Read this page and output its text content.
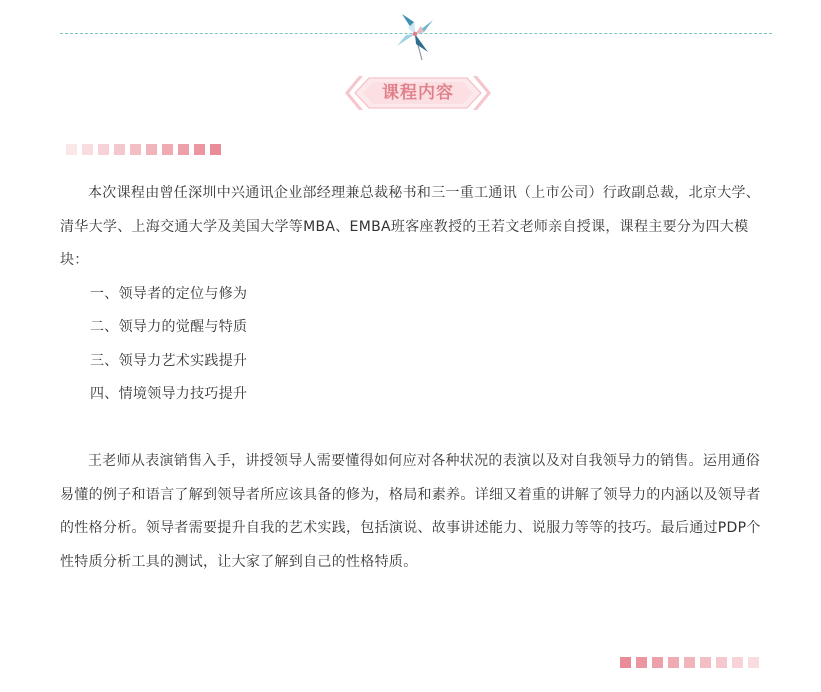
课程内容

本次课程由曾任深圳中兴通讯企业部经理兼总裁秘书和三一重工通讯（上市公司）行政副总裁，北京大学、清华大学、上海交通大学及美国大学等MBA、EMBA班客座教授的王若文老师亲自授课，课程主要分为四大模块：

一、领导者的定位与修为

二、领导力的觉醒与特质

三、领导力艺术实践提升

四、情境领导力技巧提升

王老师从表演销售入手，讲授领导人需要懂得如何应对各种状况的表演以及对自我领导力的销售。运用通俗易懂的例子和语言了解到领导者所应该具备的修为，格局和素养。详细又着重的讲解了领导力的内涵以及领导者的性格分析。领导者需要提升自我的艺术实践，包括演说、故事讲述能力、说服力等等的技巧。最后通过PDP个性特质分析工具的测试，让大家了解到自己的性格特质。
